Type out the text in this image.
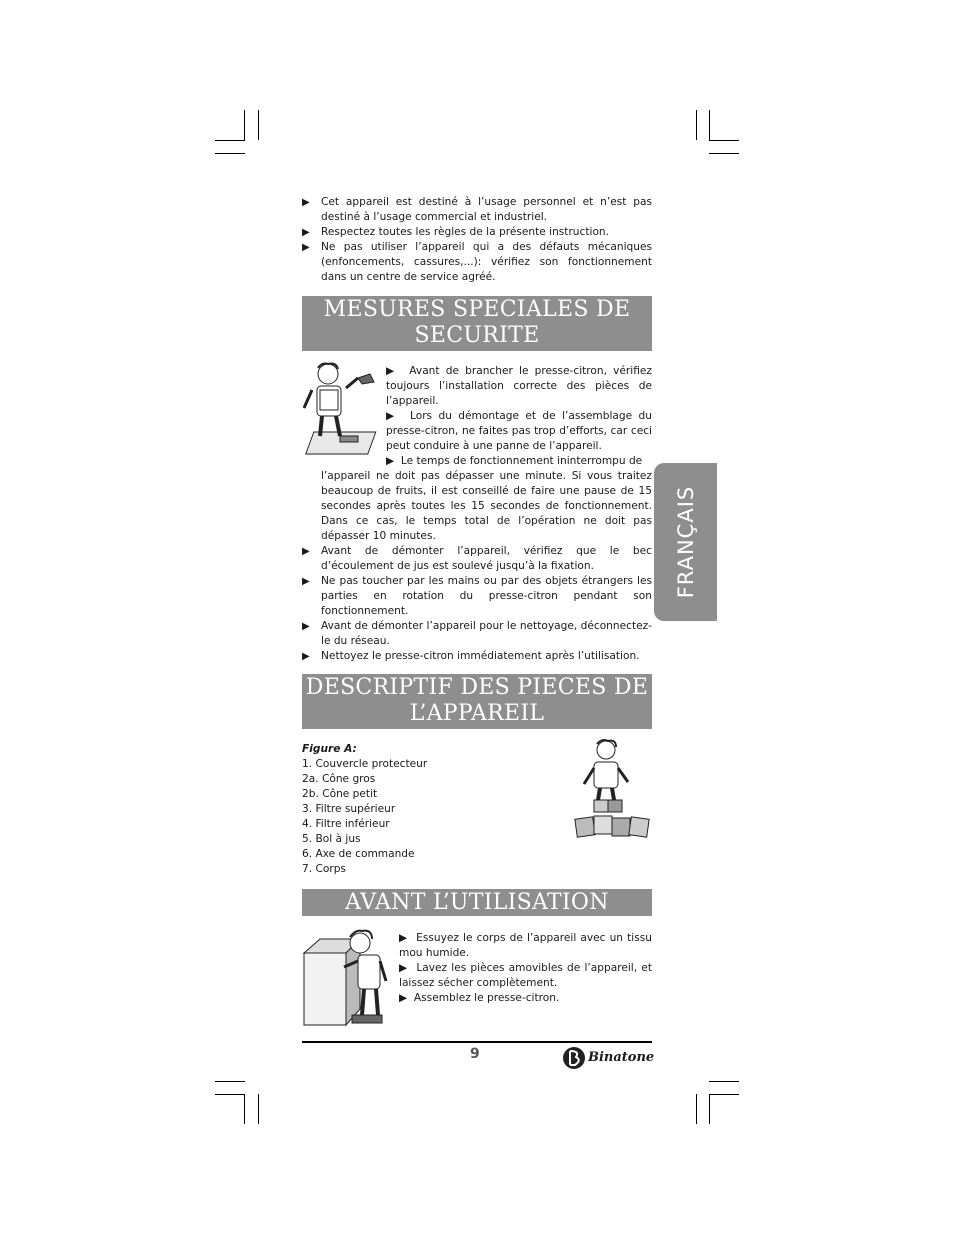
▶ Cet appareil est destiné à l’usage personnel et n’est pas destiné à l’usage commercial et industriel.
▶ Respectez toutes les règles de la présente instruction.
▶ Ne pas utiliser l’appareil qui a des défauts mécaniques (enfoncements, cassures,...): vérifiez son fonctionnement dans un centre de service agréé.
MESURES SPECIALES DE
SECURITE
▶ Avant de brancher le presse-citron, vérifiez toujours l’installation correcte des pièces de l’appareil.
▶ Lors du démontage et de l’assemblage du presse-citron, ne faites pas trop d’efforts, car ceci peut conduire à une panne de l’appareil.
▶ Le temps de fonctionnement ininterrompu de
l’appareil ne doit pas dépasser une minute. Si vous traitez beaucoup de fruits, il est conseillé de faire une pause de 15 secondes après toutes les 15 secondes de fonctionnement. Dans ce cas, le temps total de l’opération ne doit pas dépasser 10 minutes.
▶ Avant de démonter l’appareil, vérifiez que le bec d’écoulement de jus est soulevé jusqu’à la fixation.
▶ Ne pas toucher par les mains ou par des objets étrangers les parties en rotation du presse-citron pendant son fonctionnement.
▶ Avant de démonter l’appareil pour le nettoyage, déconnectez-le du réseau.
▶ Nettoyez le presse-citron immédiatement après l’utilisation.
FRANÇAIS
DESCRIPTIF DES PIECES DE
L’APPAREIL
Figure A:
1. Couvercle protecteur
2a. Cône gros
2b. Cône petit
3. Filtre supérieur
4. Filtre inférieur
5. Bol à jus
6. Axe de commande
7. Corps
AVANT L’UTILISATION
▶ Essuyez le corps de l’appareil avec un tissu mou humide.
▶ Lavez les pièces amovibles de l’appareil, et laissez sécher complètement.
▶ Assemblez le presse-citron.
9	Binatone
